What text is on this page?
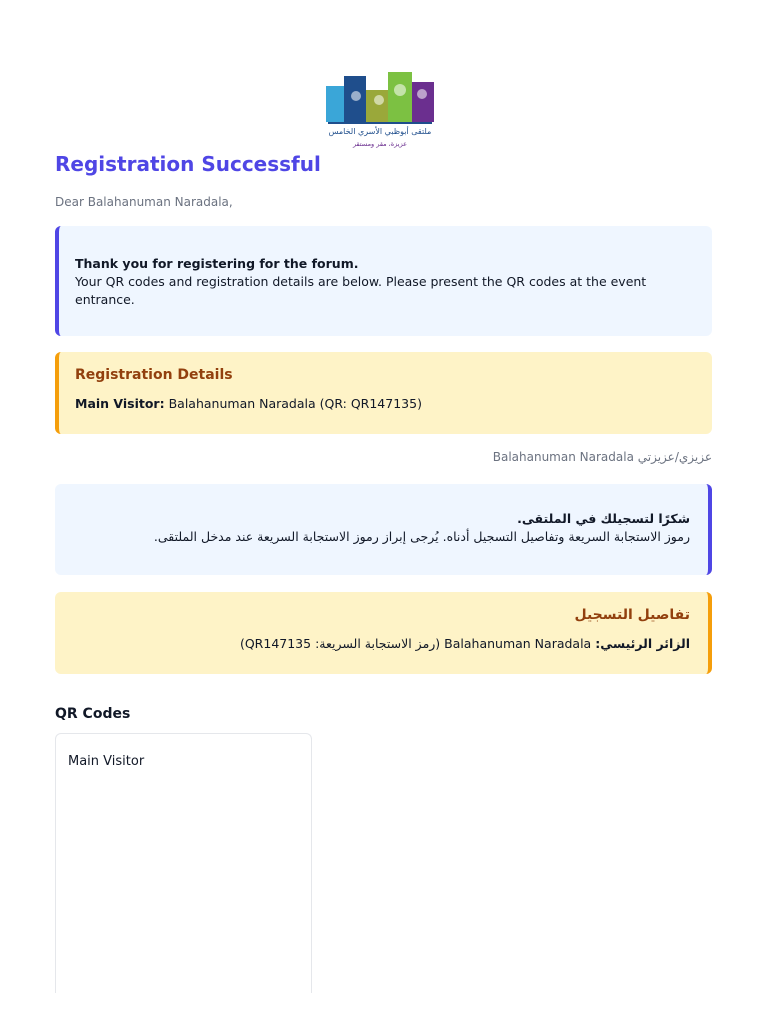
ملتقى أبوظبي الأسري الخامس
عزيزة، مقر ومستقر
Registration Successful
Dear Balahanuman Naradala,
Thank you for registering for the forum.
Your QR codes and registration details are below. Please present the QR codes at the event entrance.
Registration Details
Main Visitor: Balahanuman Naradala (QR: QR147135)
عزيزي/عزيزتي Balahanuman Naradala
شكرًا لتسجيلك في الملتقى.
رموز الاستجابة السريعة وتفاصيل التسجيل أدناه. يُرجى إبراز رموز الاستجابة السريعة عند مدخل الملتقى.
تفاصيل التسجيل
الزائر الرئيسي: Balahanuman Naradala (رمز الاستجابة السريعة: QR147135)
QR Codes
Main Visitor
